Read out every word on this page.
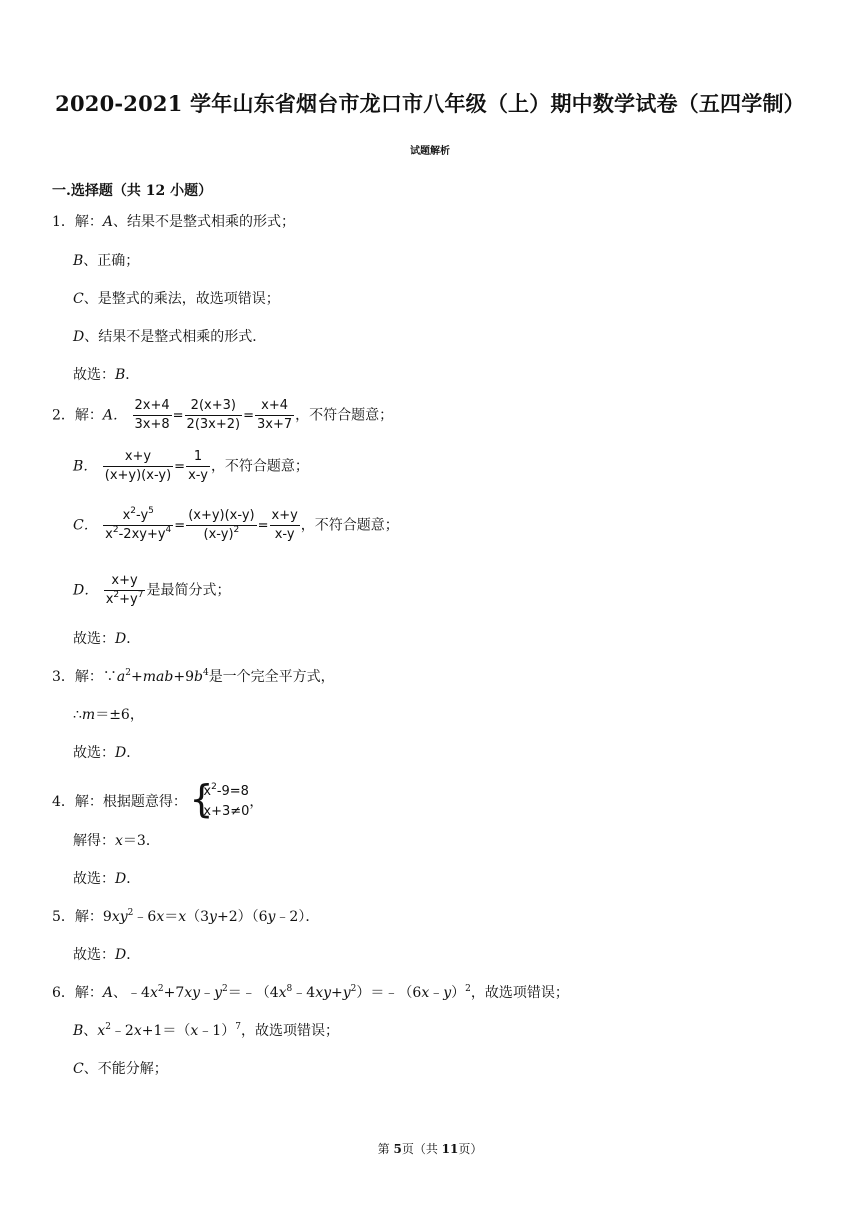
2020-2021 学年山东省烟台市龙口市八年级（上）期中数学试卷（五四学制）
试题解析
一.选择题（共 12 小题）
1．解：A、结果不是整式相乘的形式；
B、正确；
C、是整式的乘法，故选项错误；
D、结果不是整式相乘的形式．
故选：B．
2．解：A． $\frac{2x+4}{3x+8} = \frac{2(x+3)}{2(3x+2)} = \frac{x+4}{3x+7}$ ，不符合题意；
B． $\frac{x+y}{(x+y)(x-y)} = \frac{1}{x-y}$ ，不符合题意；
C． $\frac{x^2-y^5}{x^2-2xy+y^4} = \frac{(x+y)(x-y)}{(x-y)^2} = \frac{x+y}{x-y}$ ，不符合题意；
D． $\frac{x+y}{x^2+y^7}$ 是最简分式；
故选：D．
3．解：$\because a^2+mab+9b^4$是一个完全平方式，
∴m＝±6，
故选：D．
4．解：根据题意得：
{ $x^2-9=8$
x+3≠0
，
解得：x＝3．
故选：D．
5．解：$9xy^2﹣6x=x(3y+2)(6y﹣2)$．
故选：D．
6．解：A、$﹣4x^2+7xy﹣y^2=﹣(4x^8﹣4xy+y^2)=﹣(6x﹣y)^2$，故选项错误；
B、$x^2﹣2x+1=(x﹣1)^7$，故选项错误；
C、不能分解；
第 5页（共 11页）
